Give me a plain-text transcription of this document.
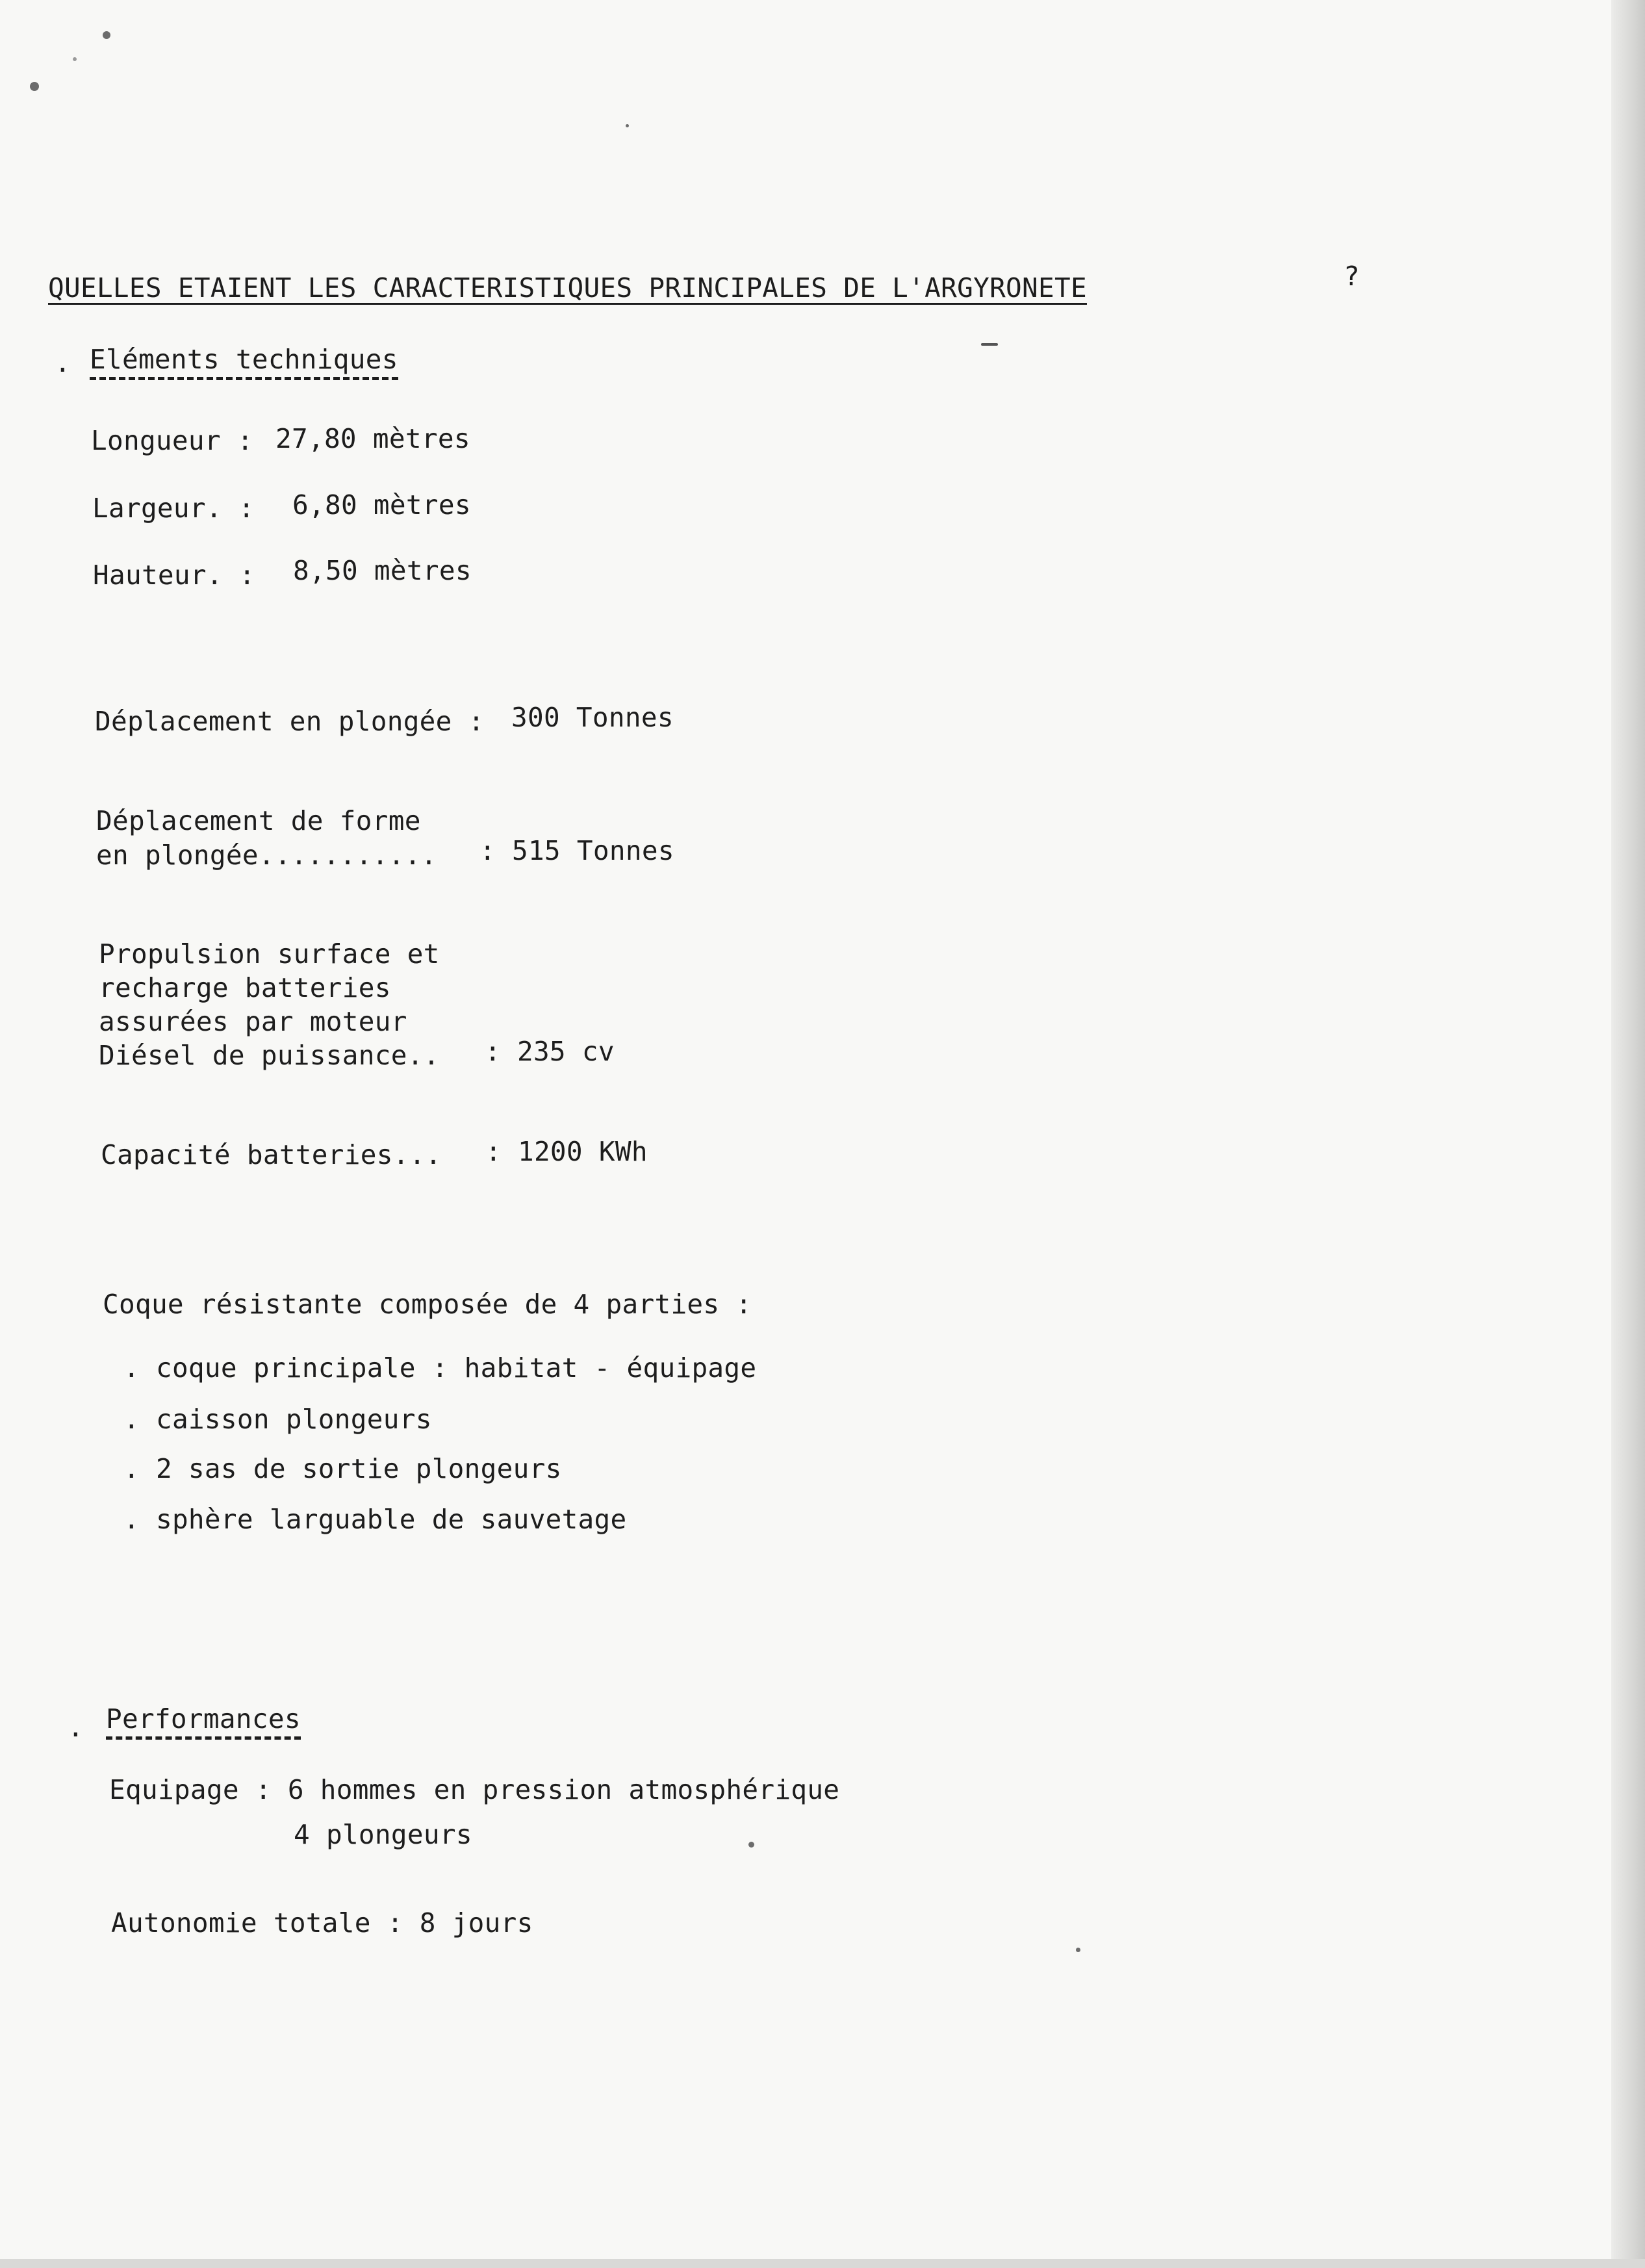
QUELLES ETAIENT LES CARACTERISTIQUES PRINCIPALES DE L'ARGYRONETE	?
. Eléments techniques
Longueur : 27,80 mètres
Largeur. : 6,80 mètres
Hauteur. : 8,50 mètres
Déplacement en plongée : 300 Tonnes
Déplacement de forme
en plongée........... : 515 Tonnes
Propulsion surface et
recharge batteries
assurées par moteur
Diésel de puissance.. : 235 cv
Capacité batteries... : 1200 KWh
Coque résistante composée de 4 parties :
. coque principale : habitat - équipage
. caisson plongeurs
. 2 sas de sortie plongeurs
. sphère larguable de sauvetage
. Performances
Equipage : 6 hommes en pression atmosphérique
4 plongeurs
Autonomie totale : 8 jours
